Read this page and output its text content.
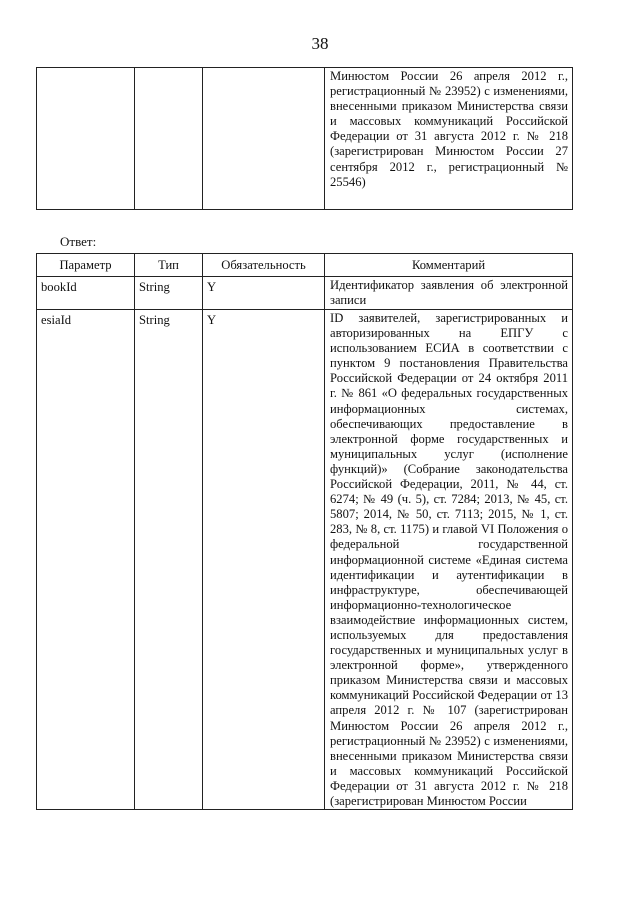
38
			Минюстом России 26 апреля 2012 г., регистрационный № 23952) с изменениями, внесенными приказом Министерства связи и массовых коммуникаций Российской Федерации от 31 августа 2012 г. № 218 (зарегистрирован Минюстом России 27 сентября 2012 г., регистрационный № 25546)
Ответ:
Параметр	Тип	Обязательность	Комментарий
bookId	String	Y	Идентификатор заявления об электронной записи
esiaId	String	Y	ID заявителей, зарегистрированных и авторизированных на ЕПГУ с использованием ЕСИА в соответствии с пунктом 9 постановления Правительства Российской Федерации от 24 октября 2011 г. № 861 «О федеральных государственных информационных системах, обеспечивающих предоставление в электронной форме государственных и муниципальных услуг (исполнение функций)» (Собрание законодательства Российской Федерации, 2011, № 44, ст. 6274; № 49 (ч. 5), ст. 7284; 2013, № 45, ст. 5807; 2014, № 50, ст. 7113; 2015, № 1, ст. 283, № 8, ст. 1175) и главой VI Положения о федеральной государственной информационной системе «Единая система идентификации и аутентификации в инфраструктуре, обеспечивающей информационно-технологическое взаимодействие информационных систем, используемых для предоставления государственных и муниципальных услуг в электронной форме», утвержденного приказом Министерства связи и массовых коммуникаций Российской Федерации от 13 апреля 2012 г. № 107 (зарегистрирован Минюстом России 26 апреля 2012 г., регистрационный № 23952) с изменениями, внесенными приказом Министерства связи и массовых коммуникаций Российской Федерации от 31 августа 2012 г. № 218 (зарегистрирован Минюстом России
